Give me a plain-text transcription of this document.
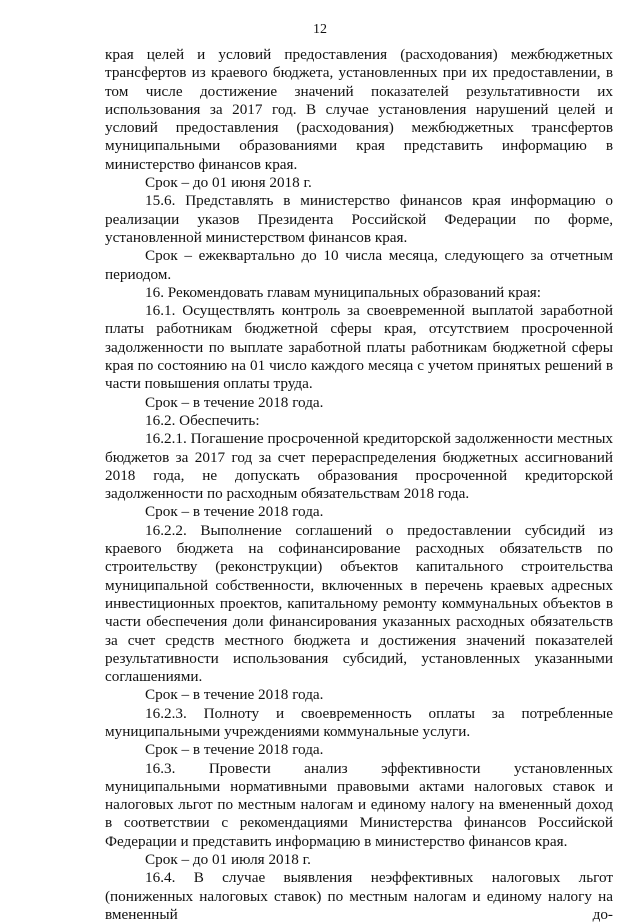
12

края целей и условий предоставления (расходования) межбюджетных трансфертов из краевого бюджета, установленных при их предоставлении, в том числе достижение значений показателей результативности их использования за 2017 год. В случае установления нарушений целей и условий предоставления (расходования) межбюджетных трансфертов муниципальными образованиями края представить информацию в министерство финансов края.

Срок – до 01 июня 2018 г.

15.6. Представлять в министерство финансов края информацию о реализации указов Президента Российской Федерации по форме, установленной министерством финансов края.

Срок – ежеквартально до 10 числа месяца, следующего за отчетным периодом.

16. Рекомендовать главам муниципальных образований края:

16.1. Осуществлять контроль за своевременной выплатой заработной платы работникам бюджетной сферы края, отсутствием просроченной задолженности по выплате заработной платы работникам бюджетной сферы края по состоянию на 01 число каждого месяца с учетом принятых решений в части повышения оплаты труда.

Срок – в течение 2018 года.

16.2. Обеспечить:

16.2.1. Погашение просроченной кредиторской задолженности местных бюджетов за 2017 год за счет перераспределения бюджетных ассигнований 2018 года, не допускать образования просроченной кредиторской задолженности по расходным обязательствам 2018 года.

Срок – в течение 2018 года.

16.2.2. Выполнение соглашений о предоставлении субсидий из краевого бюджета на софинансирование расходных обязательств по строительству (реконструкции) объектов капитального строительства муниципальной собственности, включенных в перечень краевых адресных инвестиционных проектов, капитальному ремонту коммунальных объектов в части обеспечения доли финансирования указанных расходных обязательств за счет средств местного бюджета и достижения значений показателей результативности использования субсидий, установленных указанными соглашениями.

Срок – в течение 2018 года.

16.2.3. Полноту и своевременность оплаты за потребленные муниципальными учреждениями коммунальные услуги.

Срок – в течение 2018 года.

16.3. Провести анализ эффективности установленных муниципальными нормативными правовыми актами налоговых ставок и налоговых льгот по местным налогам и единому налогу на вмененный доход в соответствии с рекомендациями Министерства финансов Российской Федерации и представить информацию в министерство финансов края.

Срок – до 01 июля 2018 г.

16.4. В случае выявления неэффективных налоговых льгот (пониженных налоговых ставок) по местным налогам и единому налогу на вмененный до-
